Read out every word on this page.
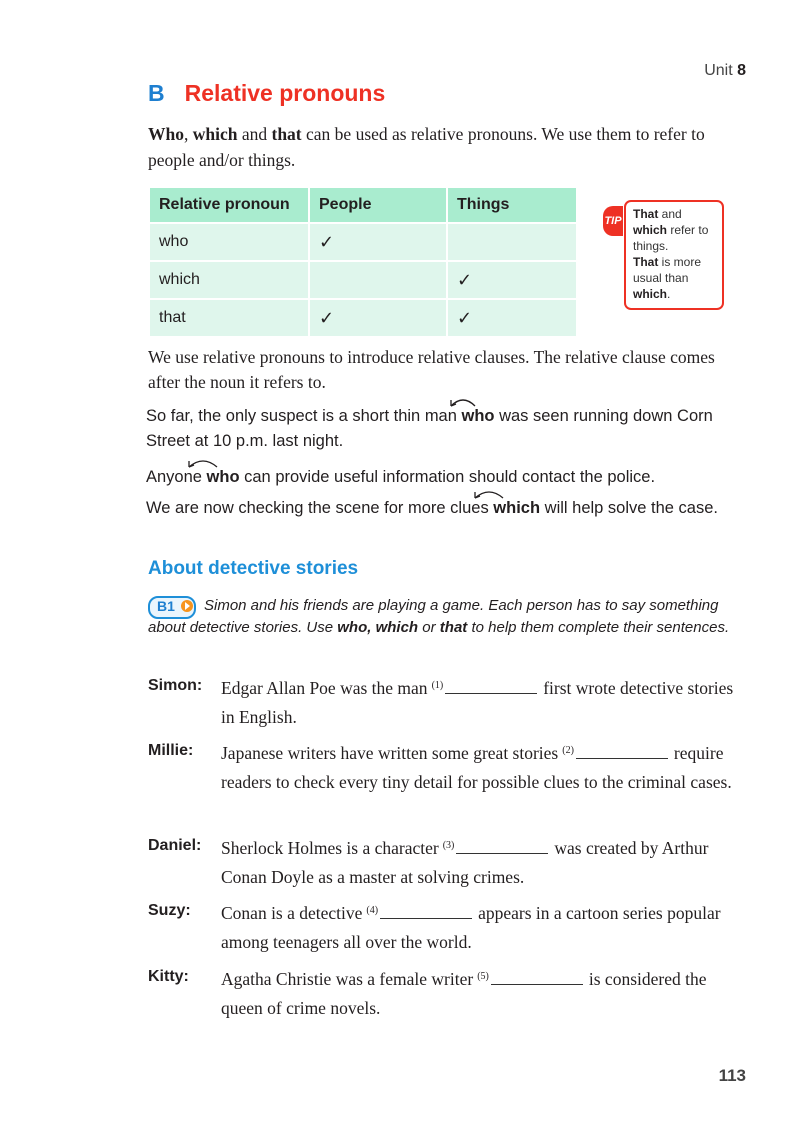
Unit 8
B Relative pronouns
Who, which and that can be used as relative pronouns. We use them to refer to people and/or things.
Relative pronoun	People	Things
who	✓	
which		✓
that	✓	✓
TIP That and which refer to things.
That is more usual than which.
We use relative pronouns to introduce relative clauses. The relative clause comes after the noun it refers to.
So far, the only suspect is a short thin man who was seen running down Corn Street at 10 p.m. last night.
Anyone who can provide useful information should contact the police.
We are now checking the scene for more clues which will help solve the case.
About detective stories
B1	Simon and his friends are playing a game. Each person has to say something about detective stories. Use who, which or that to help them complete their sentences.
Simon: Edgar Allan Poe was the man $^{(1)}$	first wrote detective stories in English.
Millie: Japanese writers have written some great stories $^{(2)}$	require readers to check every tiny detail for possible clues to the criminal cases.
Daniel: Sherlock Holmes is a character $^{(3)}$	was created by Arthur Conan Doyle as a master at solving crimes.
Suzy: Conan is a detective $^{(4)}$	appears in a cartoon series popular among teenagers all over the world.
Kitty: Agatha Christie was a female writer $^{(5)}$	is considered the queen of crime novels.
113
